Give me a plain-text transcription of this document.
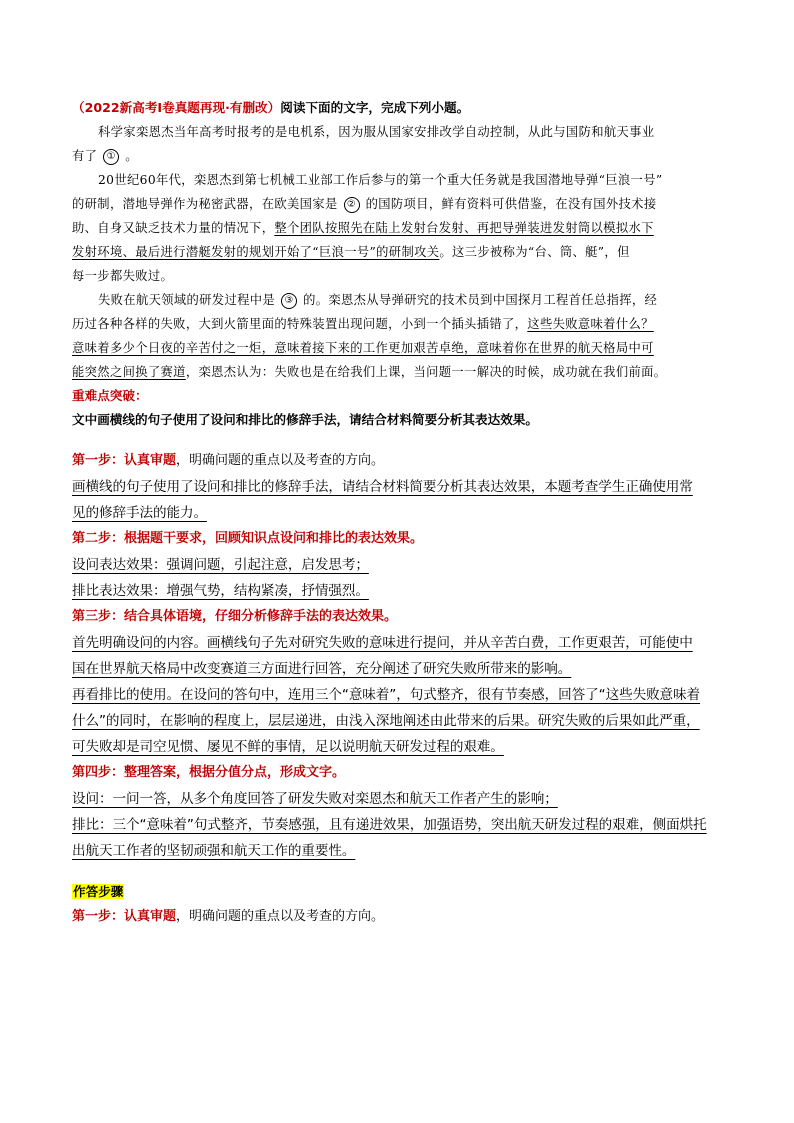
（2022新高考Ⅰ卷真题再现·有删改）阅读下面的文字，完成下列小题。
科学家栾恩杰当年高考时报考的是电机系，因为服从国家安排改学自动控制，从此与国防和航天事业
有了 ① 。
20世纪60年代，栾恩杰到第七机械工业部工作后参与的第一个重大任务就是我国潜地导弹“巨浪一号”
的研制，潜地导弹作为秘密武器，在欧美国家是 ② 的国防项目，鲜有资料可供借鉴，在没有国外技术接
助、自身又缺乏技术力量的情况下，整个团队按照先在陆上发射台发射、再把导弹装进发射筒以模拟水下
发射环境、最后进行潜艇发射的规划开始了“巨浪一号”的研制攻关。这三步被称为“台、筒、艇”，但
每一步都失败过。
失败在航天领域的研发过程中是 ③ 的。栾恩杰从导弹研究的技术员到中国探月工程首任总指挥，经
历过各种各样的失败，大到火箭里面的特殊装置出现问题，小到一个插头插错了，这些失败意味着什么？
意味着多少个日夜的辛苦付之一炬，意味着接下来的工作更加艰苦卓绝，意味着你在世界的航天格局中可
能突然之间换了赛道，栾恩杰认为：失败也是在给我们上课，当问题一一解决的时候，成功就在我们前面。
重难点突破：
文中画横线的句子使用了设问和排比的修辞手法，请结合材料简要分析其表达效果。
第一步：认真审题，明确问题的重点以及考查的方向。
画横线的句子使用了设问和排比的修辞手法，请结合材料简要分析其表达效果，本题考查学生正确使用常
见的修辞手法的能力。
第二步：根据题干要求，回顾知识点设问和排比的表达效果。
设问表达效果：强调问题，引起注意，启发思考；
排比表达效果：增强气势，结构紧凑，抒情强烈。
第三步：结合具体语境，仔细分析修辞手法的表达效果。
首先明确设问的内容。画横线句子先对研究失败的意味进行提问，并从辛苦白费，工作更艰苦，可能使中
国在世界航天格局中改变赛道三方面进行回答，充分阐述了研究失败所带来的影响。
再看排比的使用。在设问的答句中，连用三个“意味着”，句式整齐，很有节奏感，回答了“这些失败意味着
什么”的同时，在影响的程度上，层层递进，由浅入深地阐述由此带来的后果。研究失败的后果如此严重，
可失败却是司空见惯、屡见不鲜的事情，足以说明航天研发过程的艰难。
第四步：整理答案，根据分值分点，形成文字。
设问：一问一答，从多个角度回答了研发失败对栾恩杰和航天工作者产生的影响；
排比：三个“意味着”句式整齐，节奏感强，且有递进效果，加强语势，突出航天研发过程的艰难，侧面烘托
出航天工作者的坚韧顽强和航天工作的重要性。
作答步骤
第一步：认真审题，明确问题的重点以及考查的方向。
